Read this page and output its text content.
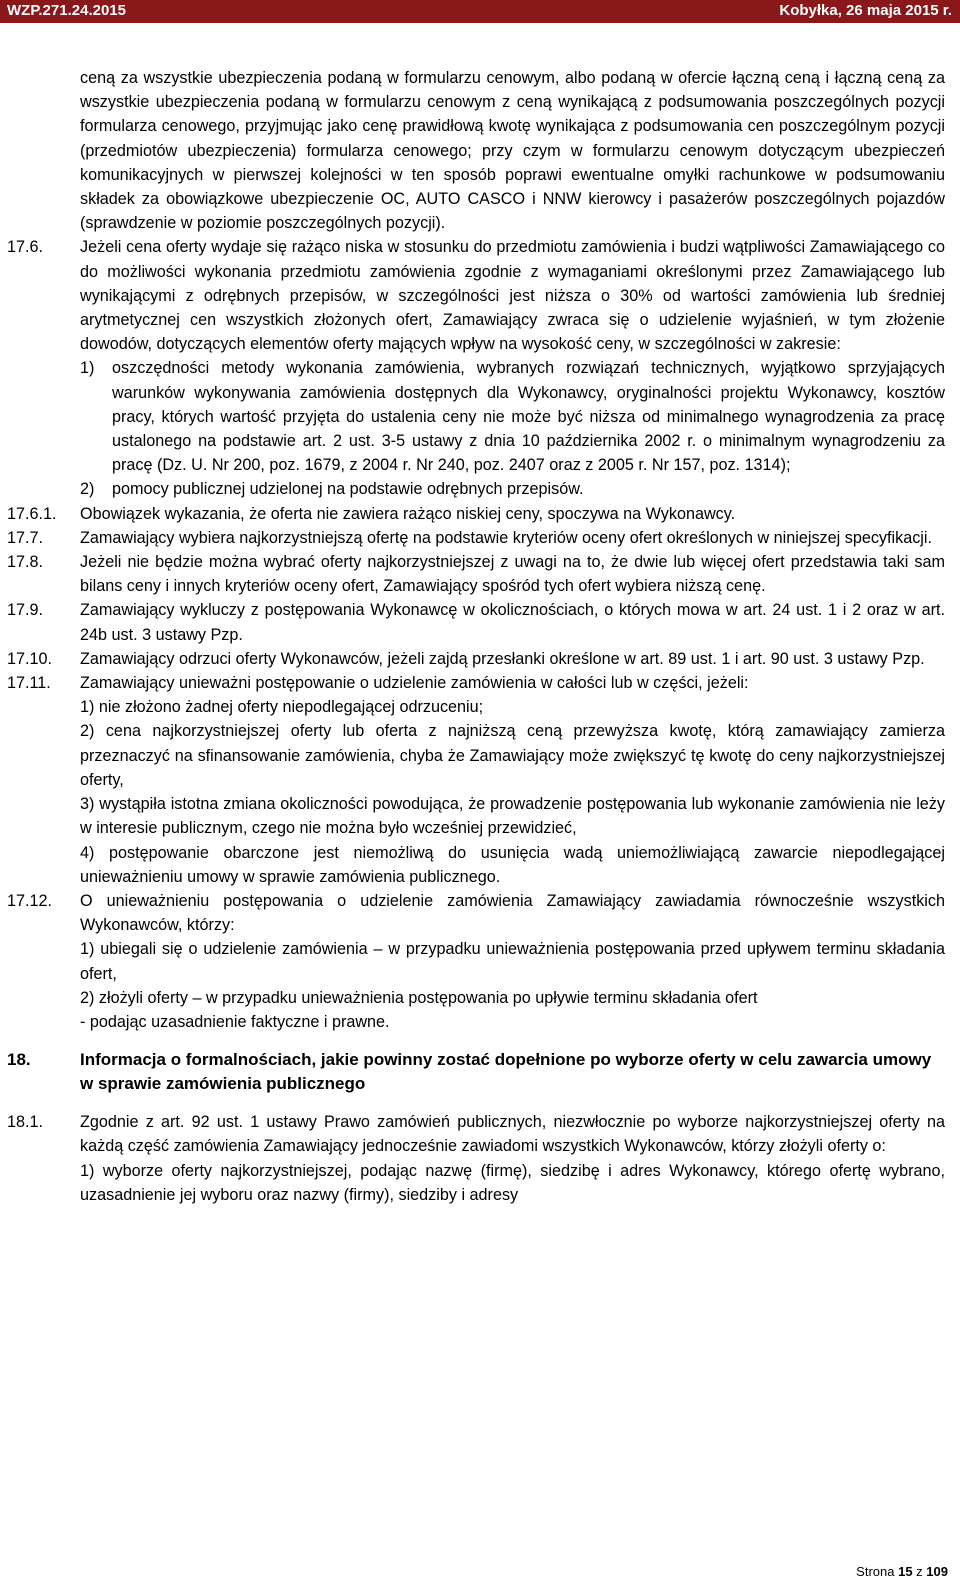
WZP.271.24.2015	Kobyłka, 26 maja 2015 r.
ceną za wszystkie ubezpieczenia podaną w formularzu cenowym, albo podaną w ofercie łączną ceną i łączną ceną za wszystkie ubezpieczenia podaną w formularzu cenowym z ceną wynikającą z podsumowania poszczególnych pozycji formularza cenowego, przyjmując jako cenę prawidłową kwotę wynikająca z podsumowania cen poszczególnym pozycji (przedmiotów ubezpieczenia) formularza cenowego; przy czym w formularzu cenowym dotyczącym ubezpieczeń komunikacyjnych w pierwszej kolejności w ten sposób poprawi ewentualne omyłki rachunkowe w podsumowaniu składek za obowiązkowe ubezpieczenie OC, AUTO CASCO i NNW kierowcy i pasażerów poszczególnych pojazdów (sprawdzenie w poziomie poszczególnych pozycji).
17.6.	Jeżeli cena oferty wydaje się rażąco niska w stosunku do przedmiotu zamówienia i budzi wątpliwości Zamawiającego co do możliwości wykonania przedmiotu zamówienia zgodnie z wymaganiami określonymi przez Zamawiającego lub wynikającymi z odrębnych przepisów, w szczególności jest niższa o 30% od wartości zamówienia lub średniej arytmetycznej cen wszystkich złożonych ofert, Zamawiający zwraca się o udzielenie wyjaśnień, w tym złożenie dowodów, dotyczących elementów oferty mających wpływ na wysokość ceny, w szczególności w zakresie:
1)	oszczędności metody wykonania zamówienia, wybranych rozwiązań technicznych, wyjątkowo sprzyjających warunków wykonywania zamówienia dostępnych dla Wykonawcy, oryginalności projektu Wykonawcy, kosztów pracy, których wartość przyjęta do ustalenia ceny nie może być niższa od minimalnego wynagrodzenia za pracę ustalonego na podstawie art. 2 ust. 3-5 ustawy z dnia 10 października 2002 r. o minimalnym wynagrodzeniu za pracę (Dz. U. Nr 200, poz. 1679, z 2004 r. Nr 240, poz. 2407 oraz z 2005 r. Nr 157, poz. 1314);
2)	pomocy publicznej udzielonej na podstawie odrębnych przepisów.
17.6.1.	Obowiązek wykazania, że oferta nie zawiera rażąco niskiej ceny, spoczywa na Wykonawcy.
17.7.	Zamawiający wybiera najkorzystniejszą ofertę na podstawie kryteriów oceny ofert określonych w niniejszej specyfikacji.
17.8.	Jeżeli nie będzie można wybrać oferty najkorzystniejszej z uwagi na to, że dwie lub więcej ofert przedstawia taki sam bilans ceny i innych kryteriów oceny ofert, Zamawiający spośród tych ofert wybiera niższą cenę.
17.9.	Zamawiający wykluczy z postępowania Wykonawcę w okolicznościach, o których mowa w art. 24 ust. 1 i 2 oraz w art. 24b ust. 3 ustawy Pzp.
17.10.	Zamawiający odrzuci oferty Wykonawców, jeżeli zajdą przesłanki określone w art. 89 ust. 1 i art. 90 ust. 3 ustawy Pzp.
17.11.	Zamawiający unieważni postępowanie o udzielenie zamówienia w całości lub w części, jeżeli:
1) nie złożono żadnej oferty niepodlegającej odrzuceniu;
2) cena najkorzystniejszej oferty lub oferta z najniższą ceną przewyższa kwotę, którą zamawiający zamierza przeznaczyć na sfinansowanie zamówienia, chyba że Zamawiający może zwiększyć tę kwotę do ceny najkorzystniejszej oferty,
3) wystąpiła istotna zmiana okoliczności powodująca, że prowadzenie postępowania lub wykonanie zamówienia nie leży w interesie publicznym, czego nie można było wcześniej przewidzieć,
4) postępowanie obarczone jest niemożliwą do usunięcia wadą uniemożliwiającą zawarcie niepodlegającej unieważnieniu umowy w sprawie zamówienia publicznego.
17.12.	O unieważnieniu postępowania o udzielenie zamówienia Zamawiający zawiadamia równocześnie wszystkich Wykonawców, którzy:
1) ubiegali się o udzielenie zamówienia – w przypadku unieważnienia postępowania przed upływem terminu składania ofert,
2) złożyli oferty – w przypadku unieważnienia postępowania po upływie terminu składania ofert
- podając uzasadnienie faktyczne i prawne.
18.	Informacja o formalnościach, jakie powinny zostać dopełnione po wyborze oferty w celu zawarcia umowy w sprawie zamówienia publicznego
18.1.	Zgodnie z art. 92 ust. 1 ustawy Prawo zamówień publicznych, niezwłocznie po wyborze najkorzystniejszej oferty na każdą część zamówienia Zamawiający jednocześnie zawiadomi wszystkich Wykonawców, którzy złożyli oferty o:
1) wyborze oferty najkorzystniejszej, podając nazwę (firmę), siedzibę i adres Wykonawcy, którego ofertę wybrano, uzasadnienie jej wyboru oraz nazwy (firmy), siedziby i adresy
Strona 15 z 109
